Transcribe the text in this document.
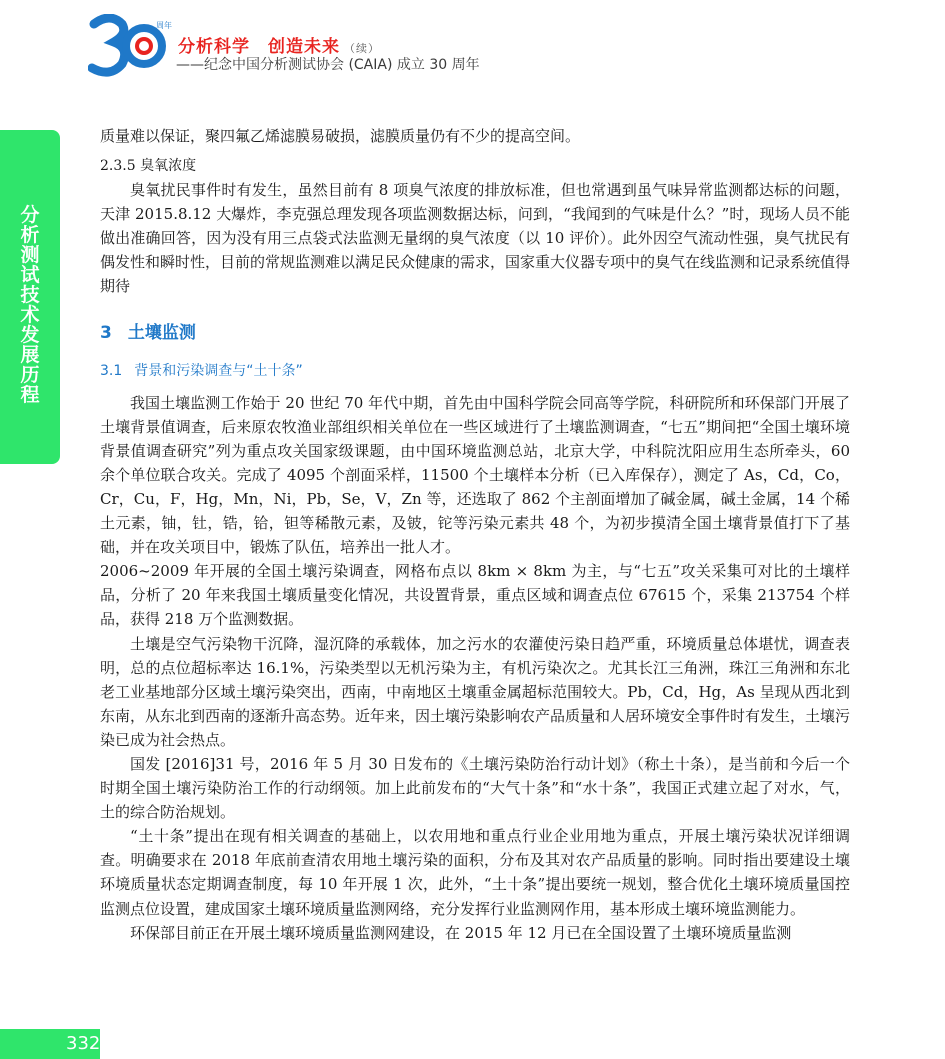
周年
分析科学　创造未来 （续）
——纪念中国分析测试协会 (CAIA) 成立 30 周年
分析测试技术发展历程

质量难以保证，聚四氟乙烯滤膜易破损，滤膜质量仍有不少的提高空间。

2.3.5 臭氧浓度

臭氧扰民事件时有发生，虽然目前有 8 项臭气浓度的排放标准，但也常遇到虽气味异常监测都达标的问题，天津 2015.8.12 大爆炸，李克强总理发现各项监测数据达标，问到，“我闻到的气味是什么？”时，现场人员不能做出准确回答，因为没有用三点袋式法监测无量纲的臭气浓度（以 10 评价）。此外因空气流动性强，臭气扰民有偶发性和瞬时性，目前的常规监测难以满足民众健康的需求，国家重大仪器专项中的臭气在线监测和记录系统值得期待

3 土壤监测
3.1 背景和污染调查与“土十条”

我国土壤监测工作始于 20 世纪 70 年代中期，首先由中国科学院会同高等学院，科研院所和环保部门开展了土壤背景值调查，后来原农牧渔业部组织相关单位在一些区域进行了土壤监测调查，“七五”期间把“全国土壤环境背景值调查研究”列为重点攻关国家级课题，由中国环境监测总站，北京大学，中科院沈阳应用生态所牵头，60 余个单位联合攻关。完成了 4095 个剖面采样，11500 个土壤样本分析（已入库保存），测定了 As，Cd，Co，Cr，Cu，F，Hg，Mn，Ni，Pb，Se，V，Zn 等，还选取了 862 个主剖面增加了碱金属，碱土金属，14 个稀土元素，铀，钍，锆，铪，钽等稀散元素，及铍，铊等污染元素共 48 个，为初步摸清全国土壤背景值打下了基础，并在攻关项目中，锻炼了队伍，培养出一批人才。

2006~2009 年开展的全国土壤污染调查，网格布点以 8km × 8km 为主，与“七五”攻关采集可对比的土壤样品，分析了 20 年来我国土壤质量变化情况，共设置背景，重点区域和调查点位 67615 个，采集 213754 个样品，获得 218 万个监测数据。

土壤是空气污染物干沉降，湿沉降的承载体，加之污水的农灌使污染日趋严重，环境质量总体堪忧，调查表明，总的点位超标率达 16.1%，污染类型以无机污染为主，有机污染次之。尤其长江三角洲，珠江三角洲和东北老工业基地部分区域土壤污染突出，西南，中南地区土壤重金属超标范围较大。Pb，Cd，Hg，As 呈现从西北到东南，从东北到西南的逐渐升高态势。近年来，因土壤污染影响农产品质量和人居环境安全事件时有发生，土壤污染已成为社会热点。

国发 [2016]31 号，2016 年 5 月 30 日发布的《土壤污染防治行动计划》（称土十条），是当前和今后一个时期全国土壤污染防治工作的行动纲领。加上此前发布的“大气十条”和“水十条”，我国正式建立起了对水，气，土的综合防治规划。

“土十条”提出在现有相关调查的基础上，以农用地和重点行业企业用地为重点，开展土壤污染状况详细调查。明确要求在 2018 年底前查清农用地土壤污染的面积，分布及其对农产品质量的影响。同时指出要建设土壤环境质量状态定期调查制度，每 10 年开展 1 次，此外，“土十条”提出要统一规划，整合优化土壤环境质量国控监测点位设置，建成国家土壤环境质量监测网络，充分发挥行业监测网作用，基本形成土壤环境监测能力。

环保部目前正在开展土壤环境质量监测网建设，在 2015 年 12 月已在全国设置了土壤环境质量监测

332
